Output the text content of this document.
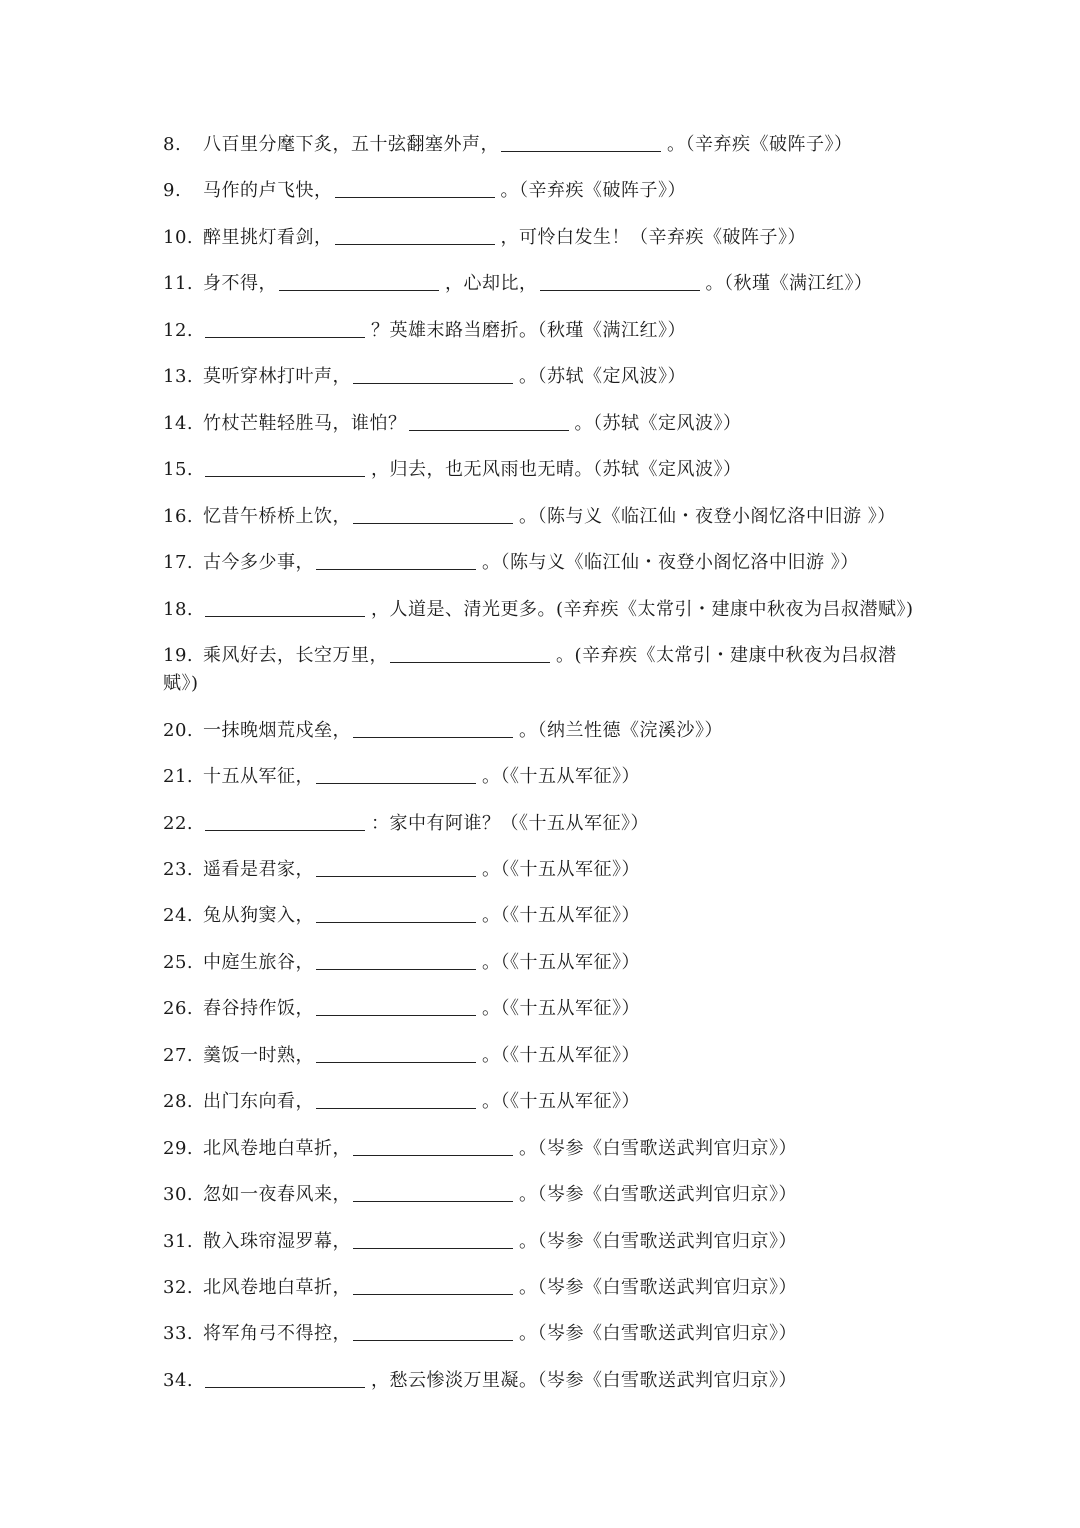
8. 八百里分麾下炙，五十弦翻塞外声，	。（辛弃疾《破阵子》）
9. 马作的卢飞快，	。（辛弃疾《破阵子》）
10. 醉里挑灯看剑，	，可怜白发生！（辛弃疾《破阵子》）
11. 身不得，	，心却比，	。（秋瑾《满江红》）
12.	？英雄末路当磨折。（秋瑾《满江红》）
13. 莫听穿林打叶声，	。（苏轼《定风波》）
14. 竹杖芒鞋轻胜马，谁怕？	。（苏轼《定风波》）
15.	，归去，也无风雨也无晴。（苏轼《定风波》）
16. 忆昔午桥桥上饮，	。（陈与义《临江仙・夜登小阁忆洛中旧游 》）
17. 古今多少事，	。（陈与义《临江仙・夜登小阁忆洛中旧游 》）
18.	，人道是、清光更多。(辛弃疾《太常引・建康中秋夜为吕叔潜赋》)
19. 乘风好去，长空万里，	。(辛弃疾《太常引・建康中秋夜为吕叔潜赋》)
20. 一抹晚烟荒戍垒，	。（纳兰性德《浣溪沙》）
21. 十五从军征，	。（《十五从军征》）
22.	：家中有阿谁？（《十五从军征》）
23. 遥看是君家，	。（《十五从军征》）
24. 兔从狗窦入，	。（《十五从军征》）
25. 中庭生旅谷，	。（《十五从军征》）
26. 舂谷持作饭，	。（《十五从军征》）
27. 羹饭一时熟，	。（《十五从军征》）
28. 出门东向看，	。（《十五从军征》）
29. 北风卷地白草折，	。（岑参《白雪歌送武判官归京》）
30. 忽如一夜春风来，	。（岑参《白雪歌送武判官归京》）
31. 散入珠帘湿罗幕，	。（岑参《白雪歌送武判官归京》）
32. 北风卷地白草折，	。（岑参《白雪歌送武判官归京》）
33. 将军角弓不得控，	。（岑参《白雪歌送武判官归京》）
34.	，愁云惨淡万里凝。（岑参《白雪歌送武判官归京》）
